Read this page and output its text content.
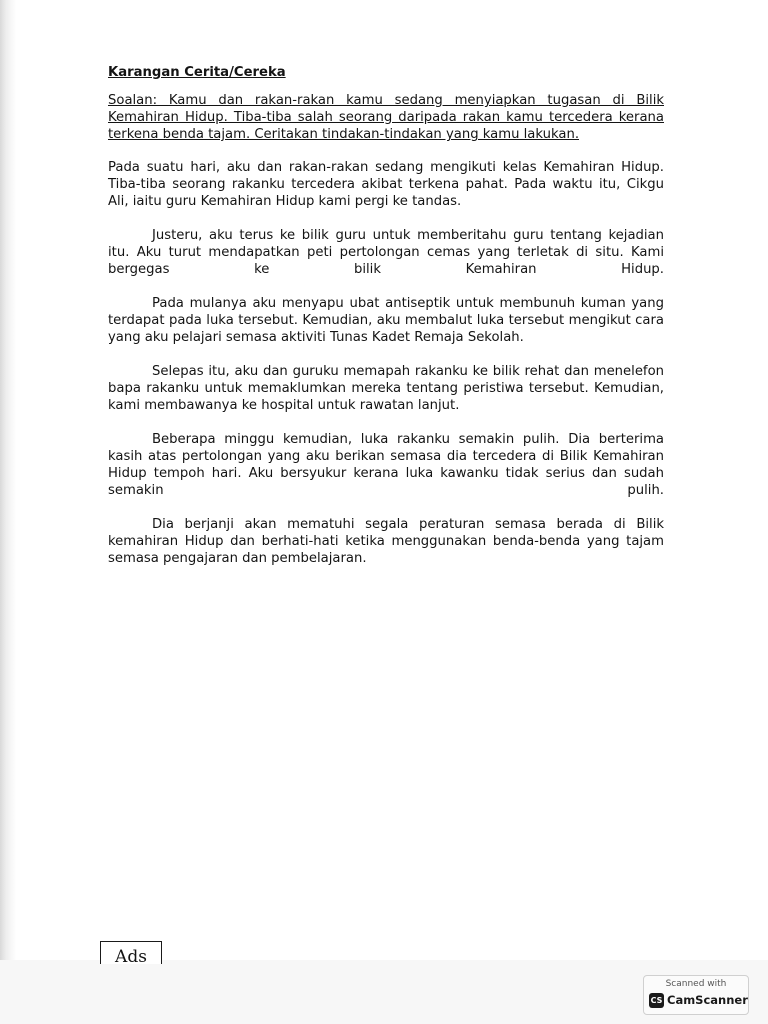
Karangan Cerita/Cereka

Soalan: Kamu dan rakan-rakan kamu sedang menyiapkan tugasan di Bilik Kemahiran Hidup. Tiba-tiba salah seorang daripada rakan kamu tercedera kerana terkena benda tajam. Ceritakan tindakan-tindakan yang kamu lakukan.

Pada suatu hari, aku dan rakan-rakan sedang mengikuti kelas Kemahiran Hidup. Tiba-tiba seorang rakanku tercedera akibat terkena pahat. Pada waktu itu, Cikgu Ali, iaitu guru Kemahiran Hidup kami pergi ke tandas.

Justeru, aku terus ke bilik guru untuk memberitahu guru tentang kejadian itu. Aku turut mendapatkan peti pertolongan cemas yang terletak di situ. Kami bergegas ke bilik Kemahiran Hidup.

Pada mulanya aku menyapu ubat antiseptik untuk membunuh kuman yang terdapat pada luka tersebut. Kemudian, aku membalut luka tersebut mengikut cara yang aku pelajari semasa aktiviti Tunas Kadet Remaja Sekolah.

Selepas itu, aku dan guruku memapah rakanku ke bilik rehat dan menelefon bapa rakanku untuk memaklumkan mereka tentang peristiwa tersebut. Kemudian, kami membawanya ke hospital untuk rawatan lanjut.

Beberapa minggu kemudian, luka rakanku semakin pulih. Dia berterima kasih atas pertolongan yang aku berikan semasa dia tercedera di Bilik Kemahiran Hidup tempoh hari. Aku bersyukur kerana luka kawanku tidak serius dan sudah semakin pulih.

Dia berjanji akan mematuhi segala peraturan semasa berada di Bilik kemahiran Hidup dan berhati-hati ketika menggunakan benda-benda yang tajam semasa pengajaran dan pembelajaran.

Ads
Scanned with
CS CamScanner
